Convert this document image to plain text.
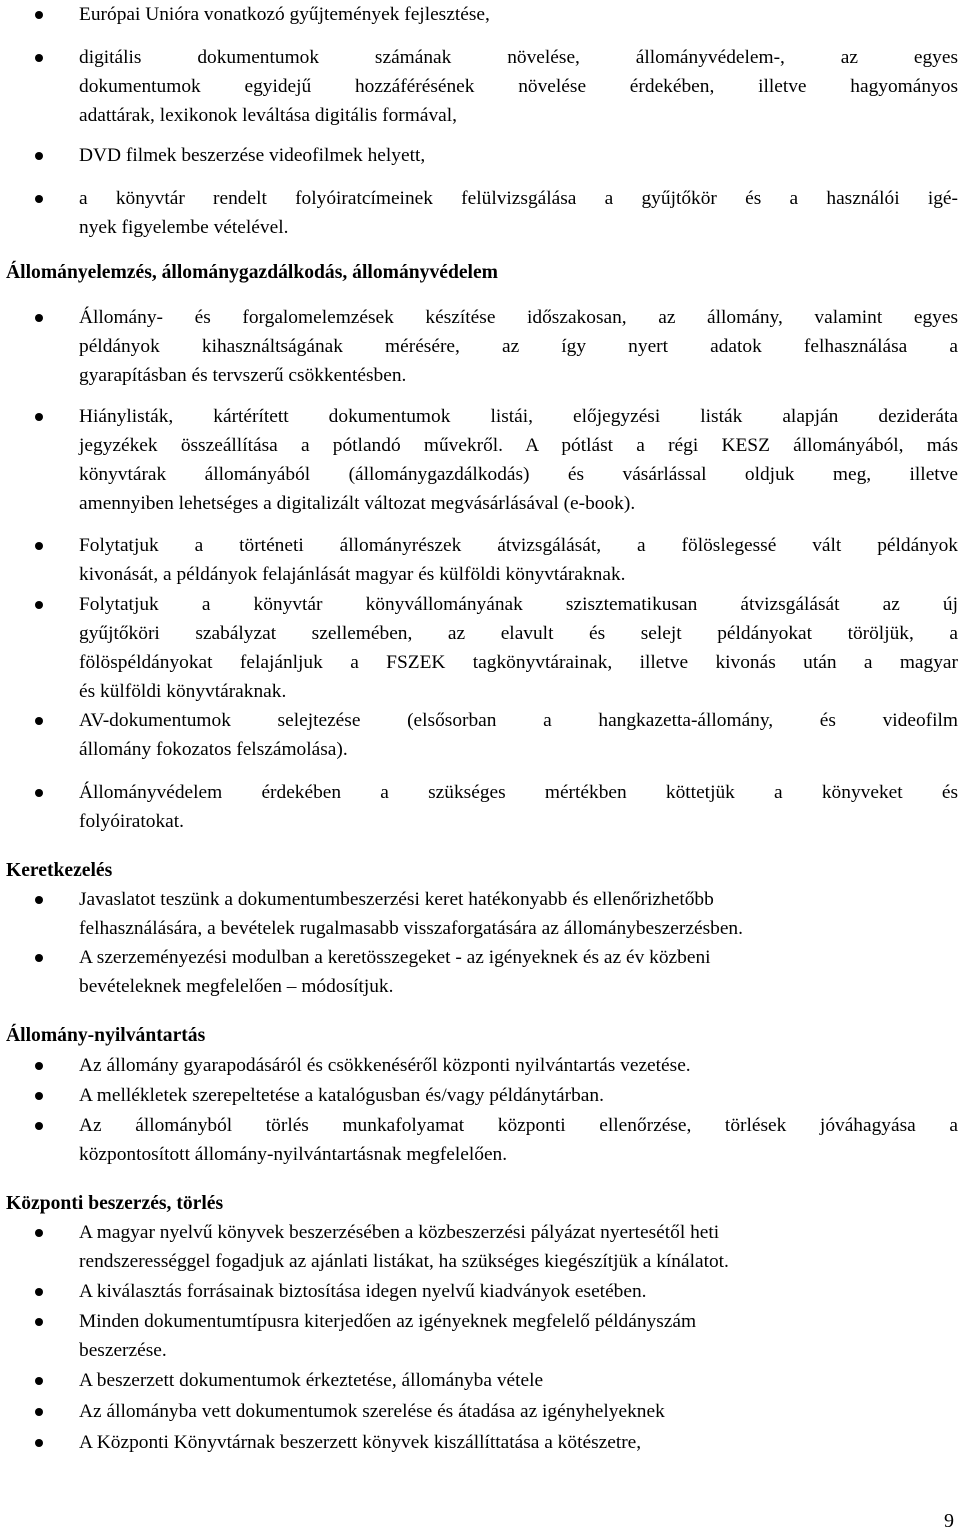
Európai Unióra vonatkozó gyűjtemények fejlesztése,
digitális dokumentumok számának növelése, állományvédelem-, az egyes
dokumentumok egyidejű hozzáférésének növelése érdekében, illetve hagyományos
adattárak, lexikonok leváltása digitális formával,
DVD filmek beszerzése videofilmek helyett,
a könyvtár rendelt folyóiratcímeinek felülvizsgálása a gyűjtőkör és a használói igé-
nyek figyelembe vételével.
Állományelemzés, állománygazdálkodás, állományvédelem
Állomány- és forgalomelemzések készítése időszakosan, az állomány, valamint egyes
példányok kihasználtságának mérésére, az így nyert adatok felhasználása a
gyarapításban és tervszerű csökkentésben.
Hiánylisták, kártérített dokumentumok listái, előjegyzési listák alapján dezideráta
jegyzékek összeállítása a pótlandó művekről. A pótlást a régi KESZ állományából, más
könyvtárak állományából (állománygazdálkodás) és vásárlással oldjuk meg, illetve
amennyiben lehetséges a digitalizált változat megvásárlásával (e-book).
Folytatjuk a történeti állományrészek átvizsgálását, a fölöslegessé vált példányok
kivonását, a példányok felajánlását magyar és külföldi könyvtáraknak.
Folytatjuk a könyvtár könyvállományának szisztematikusan átvizsgálását az új
gyűjtőköri szabályzat szellemében, az elavult és selejt példányokat töröljük, a
fölöspéldányokat felajánljuk a FSZEK tagkönyvtárainak, illetve kivonás után a magyar
és külföldi könyvtáraknak.
AV-dokumentumok selejtezése (elsősorban a hangkazetta-állomány, és videofilm
állomány fokozatos felszámolása).
Állományvédelem érdekében a szükséges mértékben köttetjük a könyveket és
folyóiratokat.
Keretkezelés
Javaslatot teszünk a dokumentumbeszerzési keret hatékonyabb és ellenőrizhetőbb
felhasználására, a bevételek rugalmasabb visszaforgatására az állománybeszerzésben.
A szerzeményezési modulban a keretösszegeket - az igényeknek és az év közbeni
bevételeknek megfelelően – módosítjuk.
Állomány-nyilvántartás
Az állomány gyarapodásáról és csökkenéséről központi nyilvántartás vezetése.
A mellékletek szerepeltetése a katalógusban és/vagy példánytárban.
Az állományból törlés munkafolyamat központi ellenőrzése, törlések jóváhagyása a
központosított állomány-nyilvántartásnak megfelelően.
Központi beszerzés, törlés
A magyar nyelvű könyvek beszerzésében a közbeszerzési pályázat nyertesétől heti
rendszerességgel fogadjuk az ajánlati listákat, ha szükséges kiegészítjük a kínálatot.
A kiválasztás forrásainak biztosítása idegen nyelvű kiadványok esetében.
Minden dokumentumtípusra kiterjedően az igényeknek megfelelő példányszám
beszerzése.
A beszerzett dokumentumok érkeztetése, állományba vétele
Az állományba vett dokumentumok szerelése és átadása az igényhelyeknek
A Központi Könyvtárnak beszerzett könyvek kiszállíttatása a kötészetre,
9
